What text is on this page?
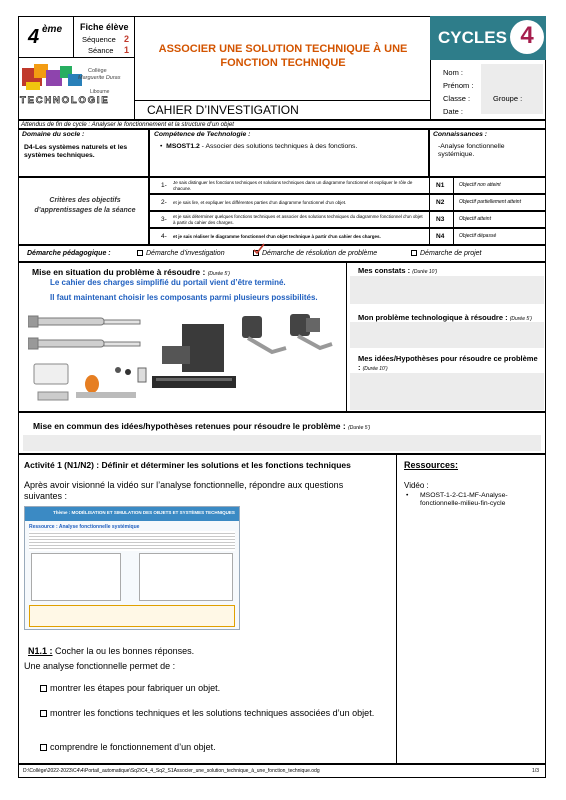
4 ème Fiche élève
Séquence 2
Séance 1
Collège
Marguerite Duras
Libourne
TECHNOLOGIE
ASSOCIER UNE SOLUTION TECHNIQUE À UNE FONCTION TECHNIQUE
CAHIER D’INVESTIGATION
CYCLES 4
Nom :
Prénom :
Classe :	Groupe :
Date :
Attendus de fin de cycle : Analyser le fonctionnement et la structure d’un objet
Domaine du socle :
D4-Les systèmes naturels et les systèmes techniques.
Compétence de Technologie :
•  MSOST1.2 - Associer des solutions techniques à des fonctions.
Connaissances :
-Analyse fonctionnelle systémique.
Critères des objectifs d’apprentissages de la séance
1- Je sais distinguer les fonctions techniques et solutions techniques dans un diagramme fonctionnel et expliquer le rôle de chacune.	N1	Objectif non atteint
2- et je sais lire, et expliquer les différentes parties d’un diagramme fonctionnel d’un objet.	N2	Objectif partiellement atteint
3- et je sais déterminer quelques fonctions techniques et associer des solutions techniques du diagramme fonctionnel d’un objet à partir du cahier des charges.	N3	Objectif atteint
4- et je sais réaliser le diagramme fonctionnel d’un objet technique à partir d’un cahier des charges.	N4	Objectif dépassé
Démarche pédagogique :	Démarche d’investigation	Démarche de résolution de problème	Démarche de projet
Mise en situation du problème à résoudre : (Durée 5’)
Le cahier des charges simplifié du portail vient d’être terminé.
Il faut maintenant choisir les composants parmi plusieurs possibilités.
Mes constats : (Durée 10’)
Mon problème technologique à résoudre : (Durée 5’)
Mes idées/Hypothèses pour résoudre ce problème : (Durée 10’)
Mise en commun des idées/hypothèses retenues pour résoudre le problème : (Durée 5’)
Activité 1 (N1/N2) : Définir et déterminer les solutions et les fonctions techniques
Après avoir visionné la vidéo sur l’analyse fonctionnelle, répondre aux questions suivantes :
Thème : MODÉLISATION ET SIMULATION DES OBJETS ET SYSTÈMES TECHNIQUES
Ressource : Analyse fonctionnelle systémique
N1.1 : Cocher la ou les bonnes réponses.
Une analyse fonctionnelle permet de :
montrer les étapes pour fabriquer un objet.
montrer les fonctions techniques et les solutions techniques associées d’un objet.
comprendre le fonctionnement d’un objet.
Ressources:
Vidéo :
•	MSOST-1-2-C1-MF-Analyse-fonctionnelle-milieu-fin-cycle
D:\Collège\2022-2023\C4\4\Portail_automatique\Sq2\C4_4_Sq2_S1Associer_une_solution_technique_à_une_fonction_technique.odg	1/3
